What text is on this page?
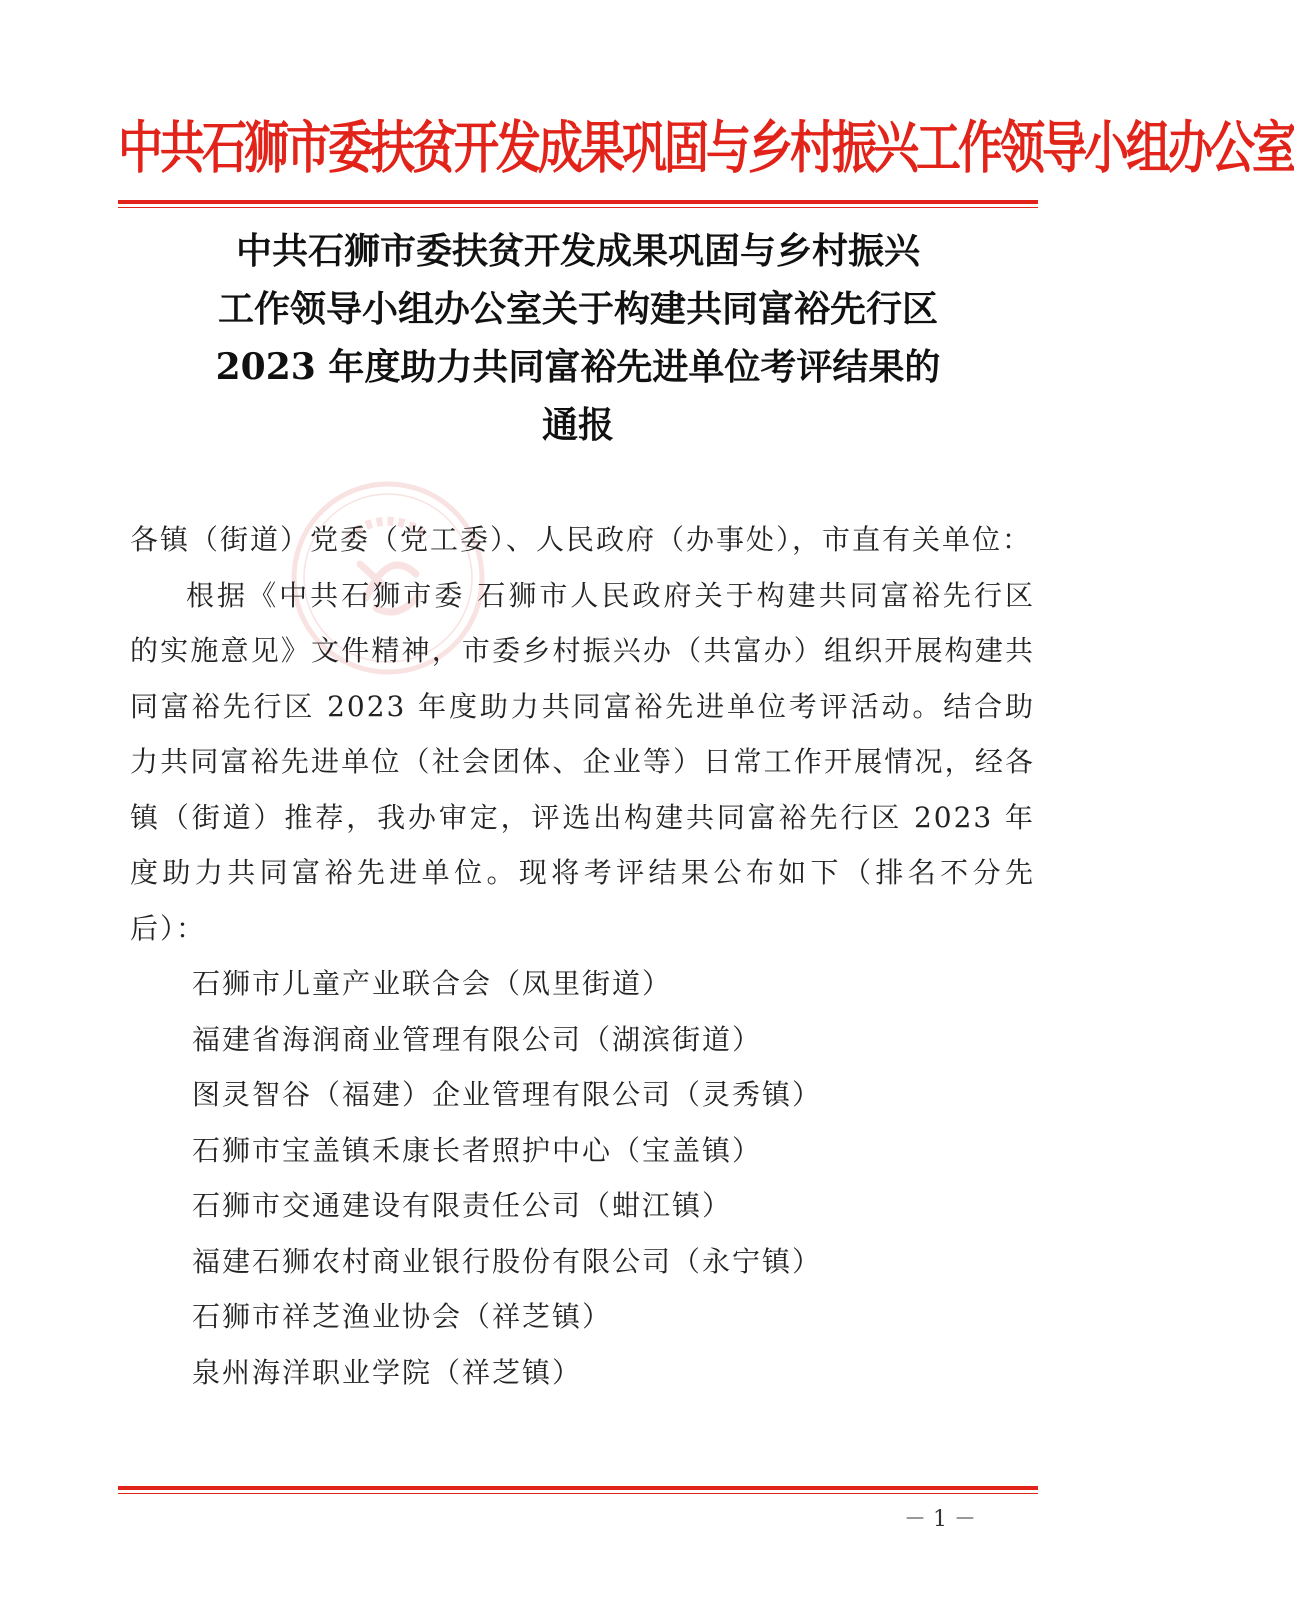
中共石狮市委扶贫开发成果巩固与乡村振兴工作领导小组办公室
中共石狮市委扶贫开发成果巩固与乡村振兴
工作领导小组办公室关于构建共同富裕先行区
2023 年度助力共同富裕先进单位考评结果的
通报

各镇（街道）党委（党工委）、人民政府（办事处），市直有关单位：

根据《中共石狮市委 石狮市人民政府关于构建共同富裕先行区的实施意见》文件精神，市委乡村振兴办（共富办）组织开展构建共同富裕先行区 2023 年度助力共同富裕先进单位考评活动。结合助力共同富裕先进单位（社会团体、企业等）日常工作开展情况，经各镇（街道）推荐，我办审定，评选出构建共同富裕先行区 2023 年度助力共同富裕先进单位。现将考评结果公布如下（排名不分先后）：

石狮市儿童产业联合会（凤里街道）
福建省海润商业管理有限公司（湖滨街道）
图灵智谷（福建）企业管理有限公司（灵秀镇）
石狮市宝盖镇禾康长者照护中心（宝盖镇）
石狮市交通建设有限责任公司（蚶江镇）
福建石狮农村商业银行股份有限公司（永宁镇）
石狮市祥芝渔业协会（祥芝镇）
泉州海洋职业学院（祥芝镇）
－ 1 －
